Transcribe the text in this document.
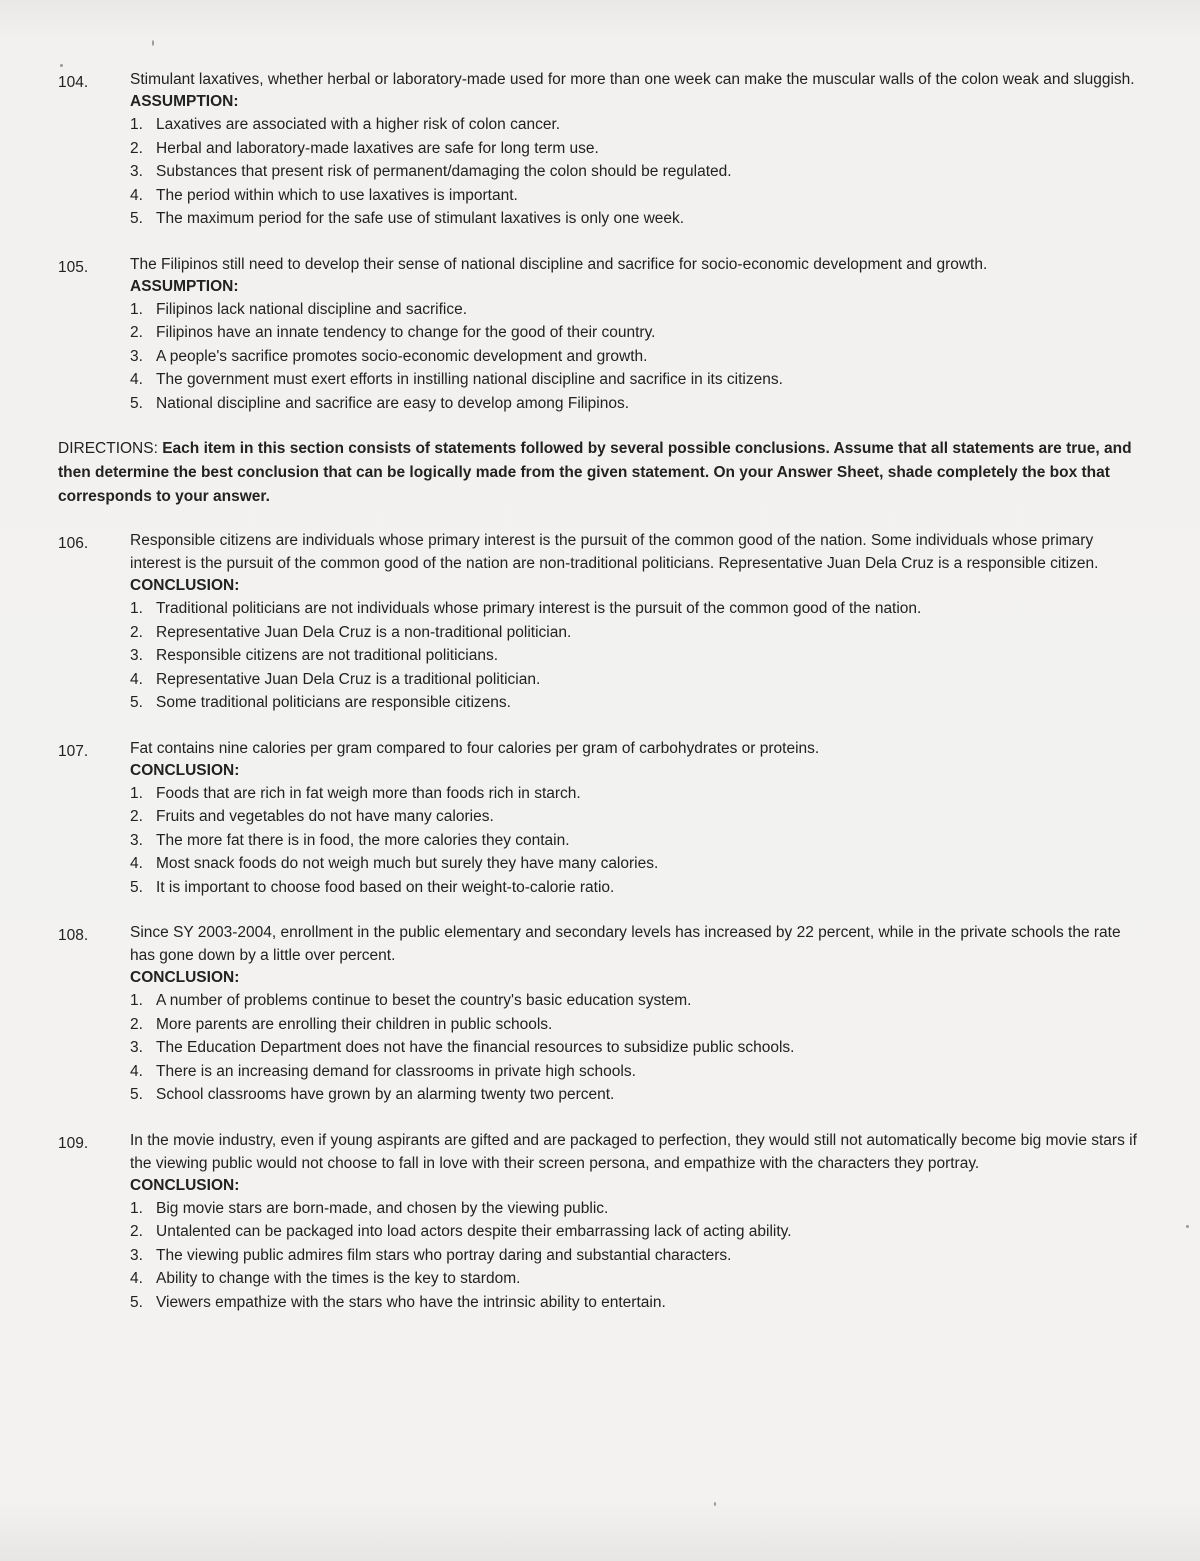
104.	Stimulant laxatives, whether herbal or laboratory-made used for more than one week can make the muscular walls of the colon weak and sluggish.

ASSUMPTION:

1. Laxatives are associated with a higher risk of colon cancer.
2. Herbal and laboratory-made laxatives are safe for long term use.
3. Substances that present risk of permanent/damaging the colon should be regulated.
4. The period within which to use laxatives is important.
5. The maximum period for the safe use of stimulant laxatives is only one week.
105.	The Filipinos still need to develop their sense of national discipline and sacrifice for socio-economic development and growth.

ASSUMPTION:

1. Filipinos lack national discipline and sacrifice.
2. Filipinos have an innate tendency to change for the good of their country.
3. A people's sacrifice promotes socio-economic development and growth.
4. The government must exert efforts in instilling national discipline and sacrifice in its citizens.
5. National discipline and sacrifice are easy to develop among Filipinos.

DIRECTIONS: Each item in this section consists of statements followed by several possible conclusions. Assume that all statements are true, and then determine the best conclusion that can be logically made from the given statement. On your Answer Sheet, shade completely the box that corresponds to your answer.

106.	Responsible citizens are individuals whose primary interest is the pursuit of the common good of the nation. Some individuals whose primary interest is the pursuit of the common good of the nation are non-traditional politicians. Representative Juan Dela Cruz is a responsible citizen.

CONCLUSION:

1. Traditional politicians are not individuals whose primary interest is the pursuit of the common good of the nation.
2. Representative Juan Dela Cruz is a non-traditional politician.
3. Responsible citizens are not traditional politicians.
4. Representative Juan Dela Cruz is a traditional politician.
5. Some traditional politicians are responsible citizens.
107.	Fat contains nine calories per gram compared to four calories per gram of carbohydrates or proteins.

CONCLUSION:

1. Foods that are rich in fat weigh more than foods rich in starch.
2. Fruits and vegetables do not have many calories.
3. The more fat there is in food, the more calories they contain.
4. Most snack foods do not weigh much but surely they have many calories.
5. It is important to choose food based on their weight-to-calorie ratio.
108.	Since SY 2003-2004, enrollment in the public elementary and secondary levels has increased by 22 percent, while in the private schools the rate has gone down by a little over percent.

CONCLUSION:

1. A number of problems continue to beset the country's basic education system.
2. More parents are enrolling their children in public schools.
3. The Education Department does not have the financial resources to subsidize public schools.
4. There is an increasing demand for classrooms in private high schools.
5. School classrooms have grown by an alarming twenty two percent.
109.	In the movie industry, even if young aspirants are gifted and are packaged to perfection, they would still not automatically become big movie stars if the viewing public would not choose to fall in love with their screen persona, and empathize with the characters they portray.

CONCLUSION:

1. Big movie stars are born-made, and chosen by the viewing public.
2. Untalented can be packaged into load actors despite their embarrassing lack of acting ability.
3. The viewing public admires film stars who portray daring and substantial characters.
4. Ability to change with the times is the key to stardom.
5. Viewers empathize with the stars who have the intrinsic ability to entertain.
